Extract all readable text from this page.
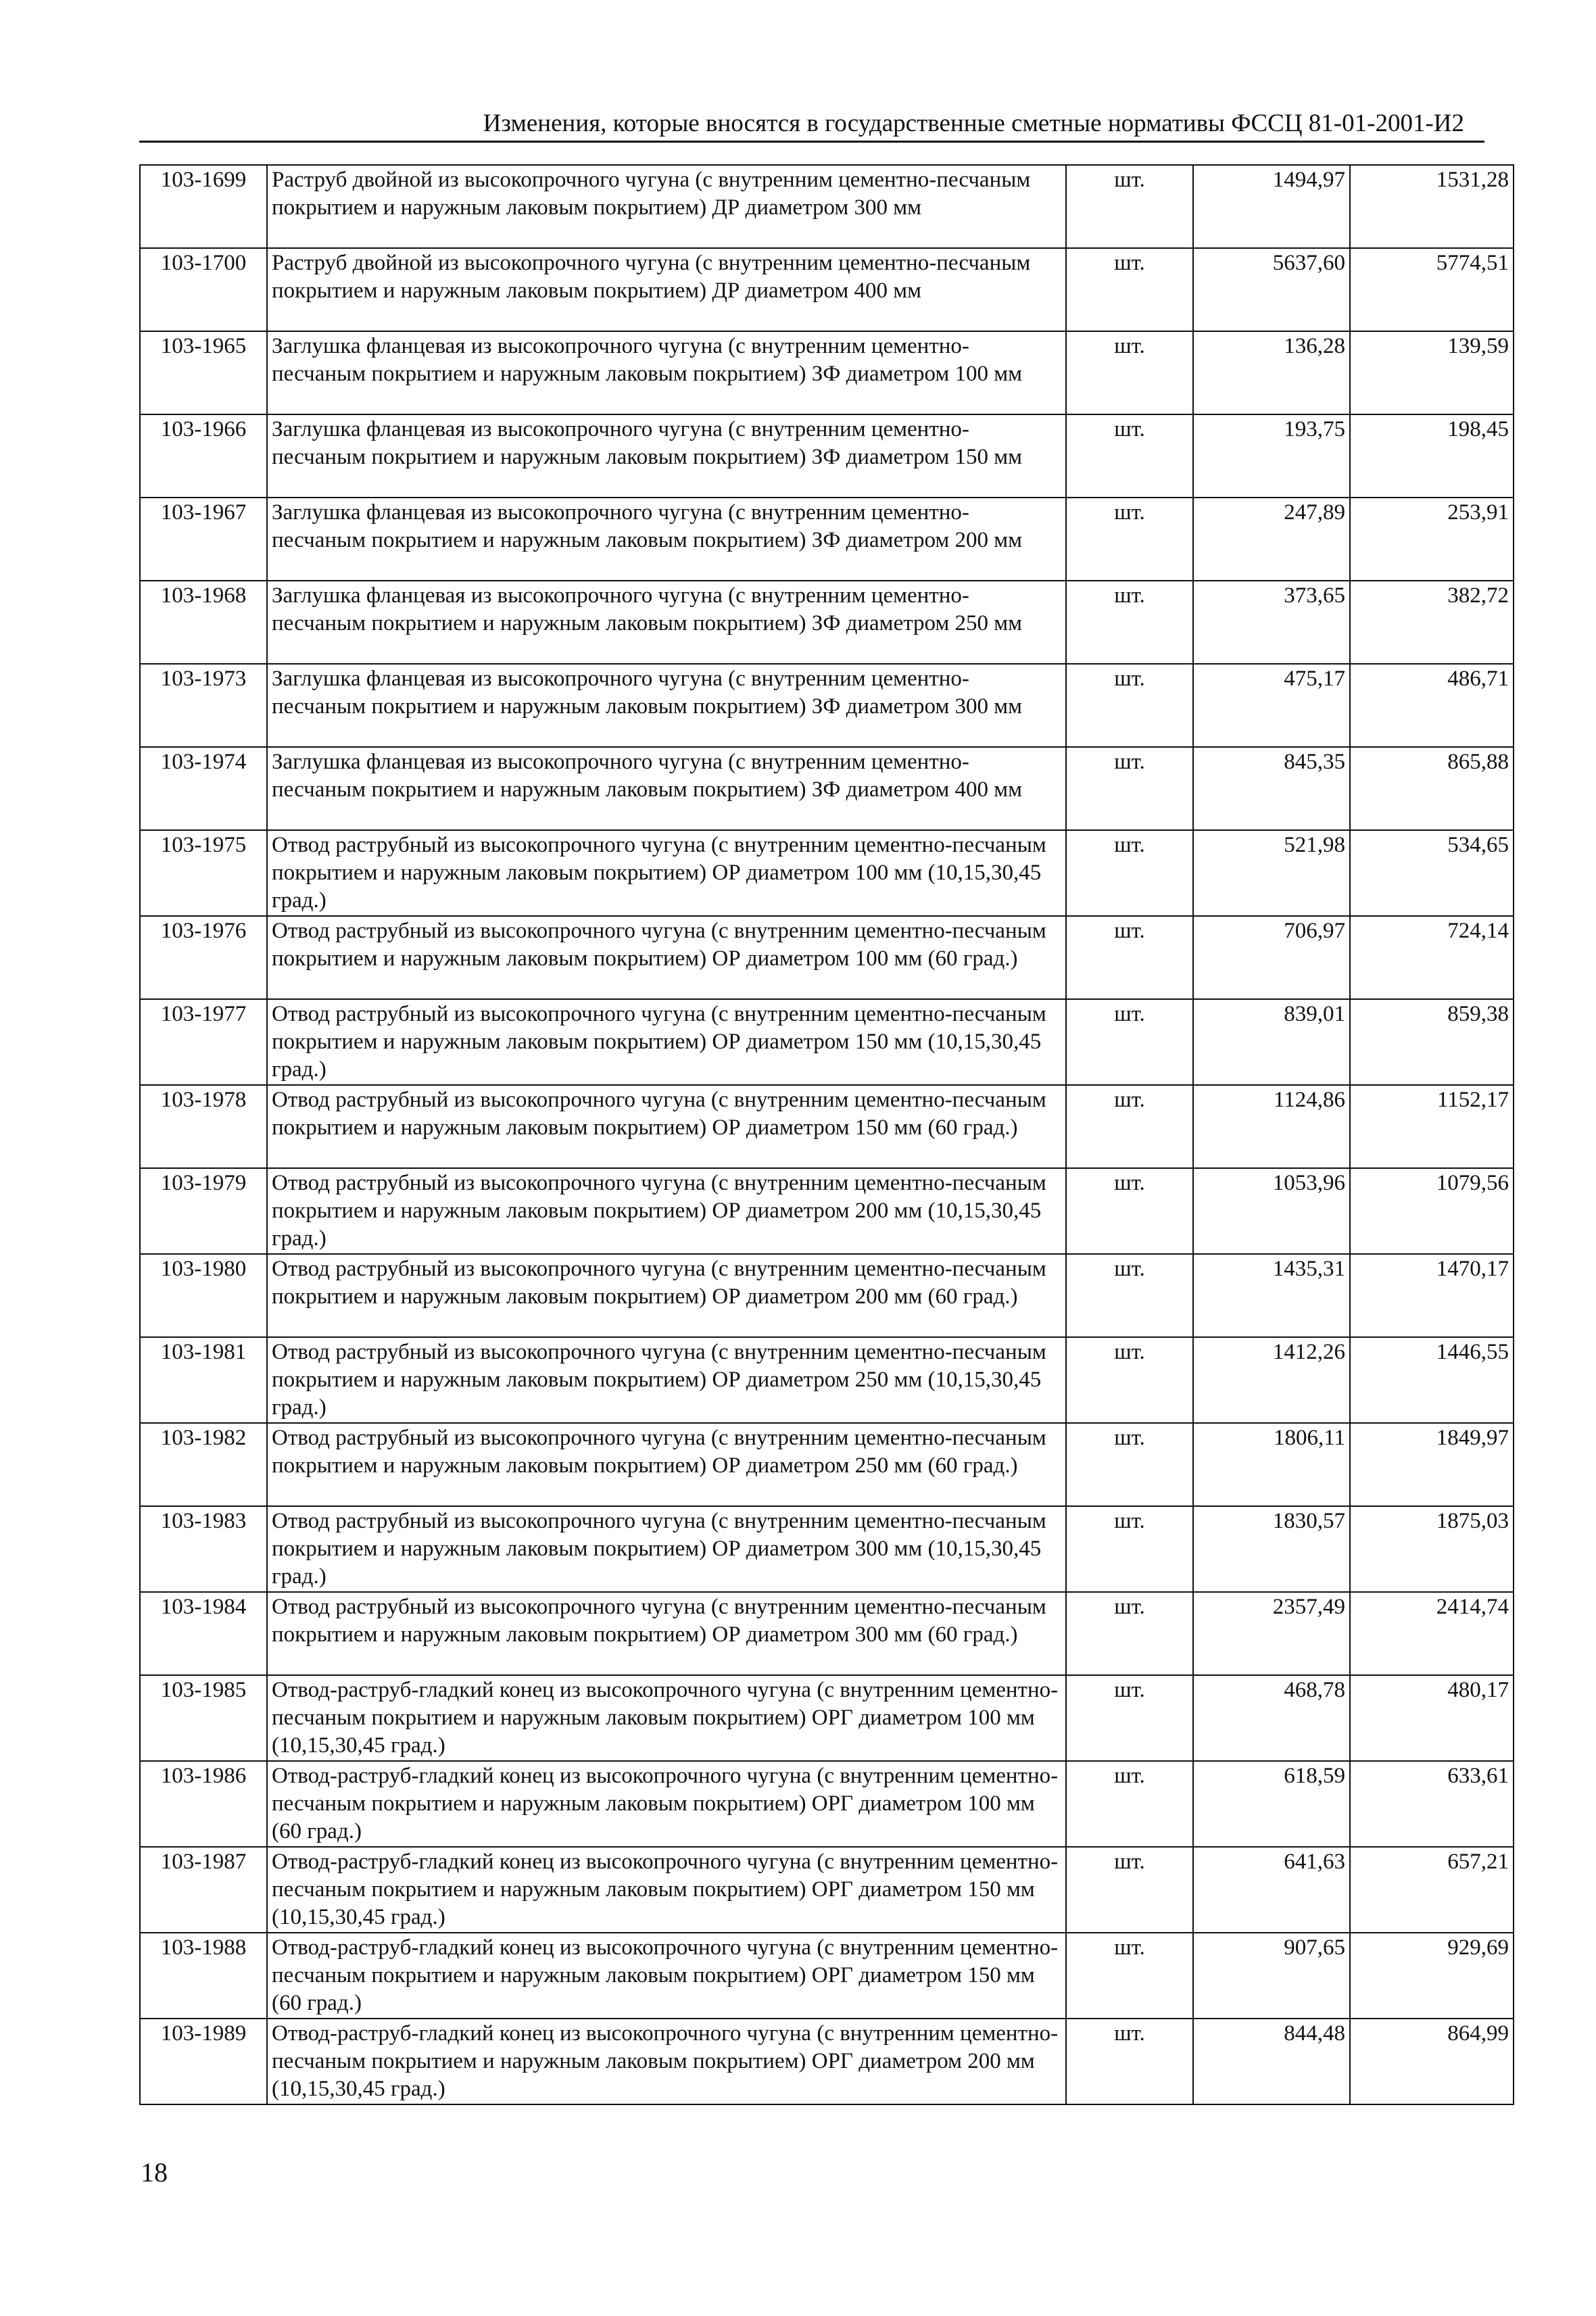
Изменения, которые вносятся в государственные сметные нормативы ФССЦ 81-01-2001-И2
103-1699	Раструб двойной из высокопрочного чугуна (с внутренним цементно-песчаным покрытием и наружным лаковым покрытием) ДР диаметром 300 мм	шт.	1494,97	1531,28
103-1700	Раструб двойной из высокопрочного чугуна (с внутренним цементно-песчаным покрытием и наружным лаковым покрытием) ДР диаметром 400 мм	шт.	5637,60	5774,51
103-1965	Заглушка фланцевая из высокопрочного чугуна (с внутренним цементно-песчаным покрытием и наружным лаковым покрытием) ЗФ диаметром 100 мм	шт.	136,28	139,59
103-1966	Заглушка фланцевая из высокопрочного чугуна (с внутренним цементно-песчаным покрытием и наружным лаковым покрытием) ЗФ диаметром 150 мм	шт.	193,75	198,45
103-1967	Заглушка фланцевая из высокопрочного чугуна (с внутренним цементно-песчаным покрытием и наружным лаковым покрытием) ЗФ диаметром 200 мм	шт.	247,89	253,91
103-1968	Заглушка фланцевая из высокопрочного чугуна (с внутренним цементно-песчаным покрытием и наружным лаковым покрытием) ЗФ диаметром 250 мм	шт.	373,65	382,72
103-1973	Заглушка фланцевая из высокопрочного чугуна (с внутренним цементно-песчаным покрытием и наружным лаковым покрытием) ЗФ диаметром 300 мм	шт.	475,17	486,71
103-1974	Заглушка фланцевая из высокопрочного чугуна (с внутренним цементно-песчаным покрытием и наружным лаковым покрытием) ЗФ диаметром 400 мм	шт.	845,35	865,88
103-1975	Отвод раструбный из высокопрочного чугуна (с внутренним цементно-песчаным покрытием и наружным лаковым покрытием) ОР диаметром 100 мм (10,15,30,45 град.)	шт.	521,98	534,65
103-1976	Отвод раструбный из высокопрочного чугуна (с внутренним цементно-песчаным покрытием и наружным лаковым покрытием) ОР диаметром 100 мм (60 град.)	шт.	706,97	724,14
103-1977	Отвод раструбный из высокопрочного чугуна (с внутренним цементно-песчаным покрытием и наружным лаковым покрытием) ОР диаметром 150 мм (10,15,30,45 град.)	шт.	839,01	859,38
103-1978	Отвод раструбный из высокопрочного чугуна (с внутренним цементно-песчаным покрытием и наружным лаковым покрытием) ОР диаметром 150 мм (60 град.)	шт.	1124,86	1152,17
103-1979	Отвод раструбный из высокопрочного чугуна (с внутренним цементно-песчаным покрытием и наружным лаковым покрытием) ОР диаметром 200 мм (10,15,30,45 град.)	шт.	1053,96	1079,56
103-1980	Отвод раструбный из высокопрочного чугуна (с внутренним цементно-песчаным покрытием и наружным лаковым покрытием) ОР диаметром 200 мм (60 град.)	шт.	1435,31	1470,17
103-1981	Отвод раструбный из высокопрочного чугуна (с внутренним цементно-песчаным покрытием и наружным лаковым покрытием) ОР диаметром 250 мм (10,15,30,45 град.)	шт.	1412,26	1446,55
103-1982	Отвод раструбный из высокопрочного чугуна (с внутренним цементно-песчаным покрытием и наружным лаковым покрытием) ОР диаметром 250 мм (60 град.)	шт.	1806,11	1849,97
103-1983	Отвод раструбный из высокопрочного чугуна (с внутренним цементно-песчаным покрытием и наружным лаковым покрытием) ОР диаметром 300 мм (10,15,30,45 град.)	шт.	1830,57	1875,03
103-1984	Отвод раструбный из высокопрочного чугуна (с внутренним цементно-песчаным покрытием и наружным лаковым покрытием) ОР диаметром 300 мм (60 град.)	шт.	2357,49	2414,74
103-1985	Отвод-раструб-гладкий конец из высокопрочного чугуна (с внутренним цементно-песчаным покрытием и наружным лаковым покрытием) ОРГ диаметром 100 мм (10,15,30,45 град.)	шт.	468,78	480,17
103-1986	Отвод-раструб-гладкий конец из высокопрочного чугуна (с внутренним цементно-песчаным покрытием и наружным лаковым покрытием) ОРГ диаметром 100 мм (60 град.)	шт.	618,59	633,61
103-1987	Отвод-раструб-гладкий конец из высокопрочного чугуна (с внутренним цементно-песчаным покрытием и наружным лаковым покрытием) ОРГ диаметром 150 мм (10,15,30,45 град.)	шт.	641,63	657,21
103-1988	Отвод-раструб-гладкий конец из высокопрочного чугуна (с внутренним цементно-песчаным покрытием и наружным лаковым покрытием) ОРГ диаметром 150 мм (60 град.)	шт.	907,65	929,69
103-1989	Отвод-раструб-гладкий конец из высокопрочного чугуна (с внутренним цементно-песчаным покрытием и наружным лаковым покрытием) ОРГ диаметром 200 мм (10,15,30,45 град.)	шт.	844,48	864,99
18
